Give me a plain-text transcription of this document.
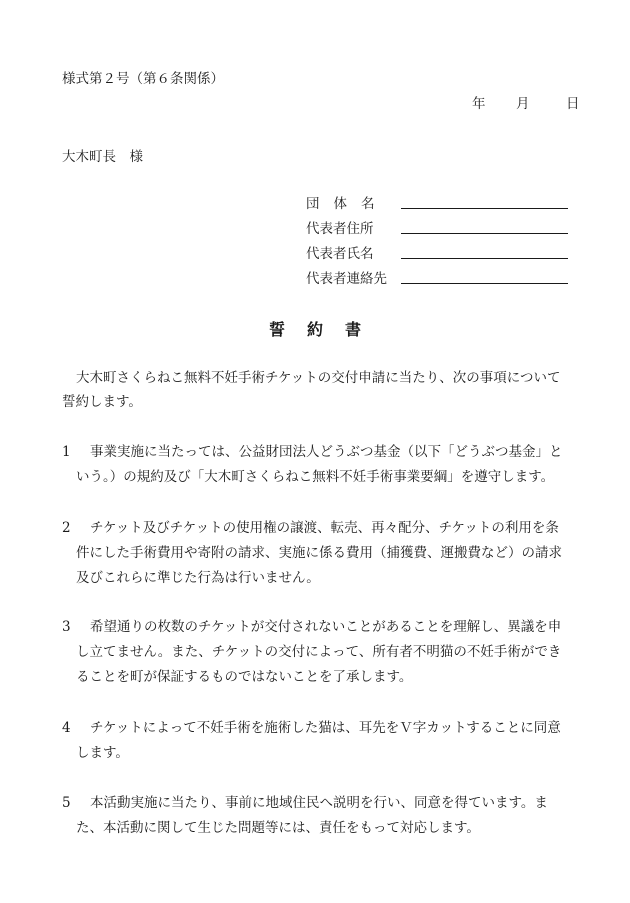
様式第２号（第６条関係）
年 月	日
大木町長　様
団体名
代表者住所
代表者氏名
代表者連絡先
誓約書
大木町さくらねこ無料不妊手術チケットの交付申請に当たり、次の事項について誓約します。
1	事業実施に当たっては、公益財団法人どうぶつ基金（以下「どうぶつ基金」という。）の規約及び「大木町さくらねこ無料不妊手術事業要綱」を遵守します。
2	チケット及びチケットの使用権の譲渡、転売、再々配分、チケットの利用を条件にした手術費用や寄附の請求、実施に係る費用（捕獲費、運搬費など）の請求及びこれらに準じた行為は行いません。
3	希望通りの枚数のチケットが交付されないことがあることを理解し、異議を申し立てません。また、チケットの交付によって、所有者不明猫の不妊手術ができることを町が保証するものではないことを了承します。
4	チケットによって不妊手術を施術した猫は、耳先をＶ字カットすることに同意します。
5	本活動実施に当たり、事前に地域住民へ説明を行い、同意を得ています。また、本活動に関して生じた問題等には、責任をもって対応します。
